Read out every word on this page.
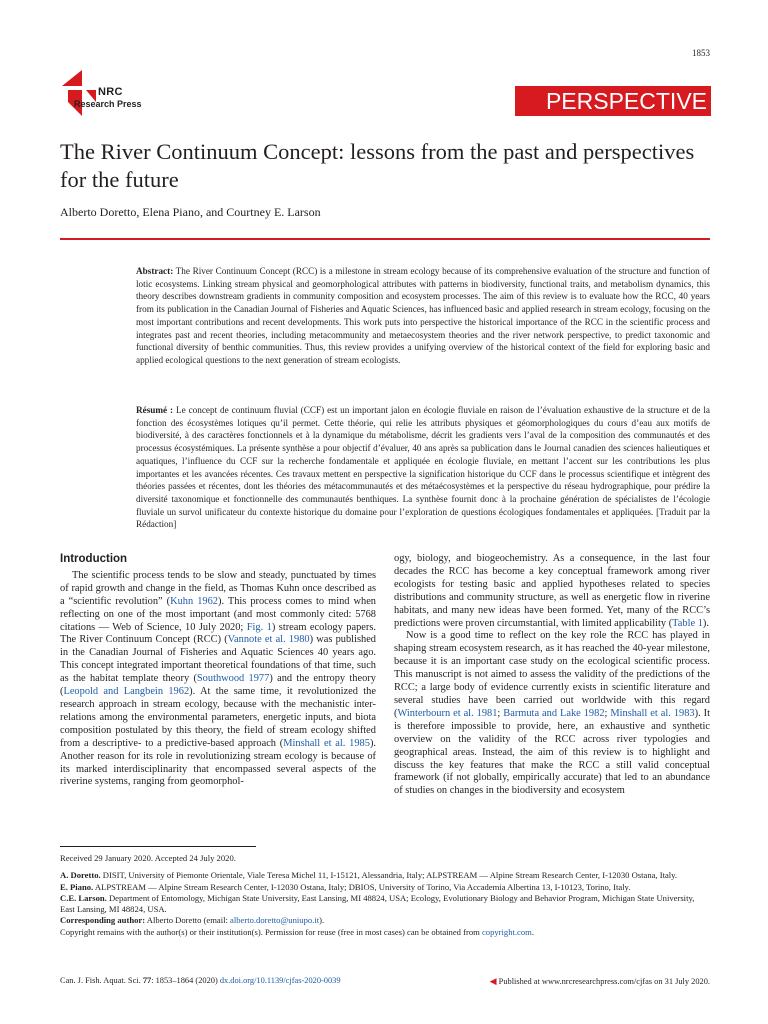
1853
NRC
Research Press	PERSPECTIVE
The River Continuum Concept: lessons from the past and perspectives for the future
Alberto Doretto, Elena Piano, and Courtney E. Larson

Abstract: The River Continuum Concept (RCC) is a milestone in stream ecology because of its comprehensive evaluation of the structure and function of lotic ecosystems. Linking stream physical and geomorphological attributes with patterns in biodiversity, functional traits, and metabolism dynamics, this theory describes downstream gradients in community composition and ecosystem processes. The aim of this review is to evaluate how the RCC, 40 years from its publication in the Canadian Journal of Fisheries and Aquatic Sciences, has influenced basic and applied research in stream ecology, focusing on the most important contributions and recent developments. This work puts into perspective the historical importance of the RCC in the scientific process and integrates past and recent theories, including metacommunity and metaecosystem theories and the river network perspective, to predict taxonomic and functional diversity of benthic communities. Thus, this review provides a unifying overview of the historical context of the field for exploring basic and applied ecological questions to the next generation of stream ecologists.

Résumé : Le concept de continuum fluvial (CCF) est un important jalon en écologie fluviale en raison de l’évaluation exhaustive de la structure et de la fonction des écosystèmes lotiques qu’il permet. Cette théorie, qui relie les attributs physiques et géomorphologiques du cours d’eau aux motifs de biodiversité, à des caractères fonctionnels et à la dynamique du métabolisme, décrit les gradients vers l’aval de la composition des communautés et des processus écosystémiques. La présente synthèse a pour objectif d’évaluer, 40 ans après sa publication dans le Journal canadien des sciences halieutiques et aquatiques, l’influence du CCF sur la recherche fondamentale et appliquée en écologie fluviale, en mettant l’accent sur les contributions les plus importantes et les avancées récentes. Ces travaux mettent en perspective la signification historique du CCF dans le processus scientifique et intègrent des théories passées et récentes, dont les théories des métacommunautés et des métaécosystèmes et la perspective du réseau hydrographique, pour prédire la diversité taxonomique et fonctionnelle des communautés benthiques. La synthèse fournit donc à la prochaine génération de spécialistes de l’écologie fluviale un survol unificateur du contexte historique du domaine pour l’exploration de questions écologiques fondamentales et appliquées. [Traduit par la Rédaction]

Introduction

The scientific process tends to be slow and steady, punctuated by times of rapid growth and change in the field, as Thomas Kuhn once described as a “scientific revolution” (Kuhn 1962). This process comes to mind when reflecting on one of the most important (and most commonly cited: 5768 citations — Web of Science, 10 July 2020; Fig. 1) stream ecology papers. The River Continuum Concept (RCC) (Vannote et al. 1980) was published in the Canadian Journal of Fisheries and Aquatic Sciences 40 years ago. This concept integrated important theoretical foundations of that time, such as the habitat template theory (Southwood 1977) and the entropy theory (Leopold and Langbein 1962). At the same time, it revolutionized the research approach in stream ecology, because with the mechanistic inter-relations among the environmental parameters, energetic inputs, and biota composition postulated by this theory, the field of stream ecology shifted from a descriptive- to a predictive-based approach (Minshall et al. 1985). Another reason for its role in revolutionizing stream ecology is because of its marked interdisciplinarity that encompassed several aspects of the riverine systems, ranging from geomorphol-

ogy, biology, and biogeochemistry. As a consequence, in the last four decades the RCC has become a key conceptual framework among river ecologists for testing basic and applied hypotheses related to species distributions and community structure, as well as energetic flow in riverine habitats, and many new ideas have been formed. Yet, many of the RCC’s predictions were proven circumstantial, with limited applicability (Table 1).

Now is a good time to reflect on the key role the RCC has played in shaping stream ecosystem research, as it has reached the 40-year milestone, because it is an important case study on the ecological scientific process. This manuscript is not aimed to assess the validity of the predictions of the RCC; a large body of evidence currently exists in scientific literature and several studies have been carried out worldwide with this regard (Winterbourn et al. 1981; Barmuta and Lake 1982; Minshall et al. 1983). It is therefore impossible to provide, here, an exhaustive and synthetic overview on the validity of the RCC across river typologies and geographical areas. Instead, the aim of this review is to highlight and discuss the key features that make the RCC a still valid conceptual framework (if not globally, empirically accurate) that led to an abundance of studies on changes in the biodiversity and ecosystem

Received 29 January 2020. Accepted 24 July 2020.

A. Doretto. DISIT, University of Piemonte Orientale, Viale Teresa Michel 11, I-15121, Alessandria, Italy; ALPSTREAM — Alpine Stream Research Center, I-12030 Ostana, Italy.

E. Piano. ALPSTREAM — Alpine Stream Research Center, I-12030 Ostana, Italy; DBIOS, University of Torino, Via Accademia Albertina 13, I-10123, Torino, Italy.

C.E. Larson. Department of Entomology, Michigan State University, East Lansing, MI 48824, USA; Ecology, Evolutionary Biology and Behavior Program, Michigan State University, East Lansing, MI 48824, USA.

Corresponding author: Alberto Doretto (email: alberto.doretto@uniupo.it).

Copyright remains with the author(s) or their institution(s). Permission for reuse (free in most cases) can be obtained from copyright.com.

Can. J. Fish. Aquat. Sci. 77: 1853–1864 (2020) dx.doi.org/10.1139/cjfas-2020-0039	◀ Published at www.nrcresearchpress.com/cjfas on 31 July 2020.
